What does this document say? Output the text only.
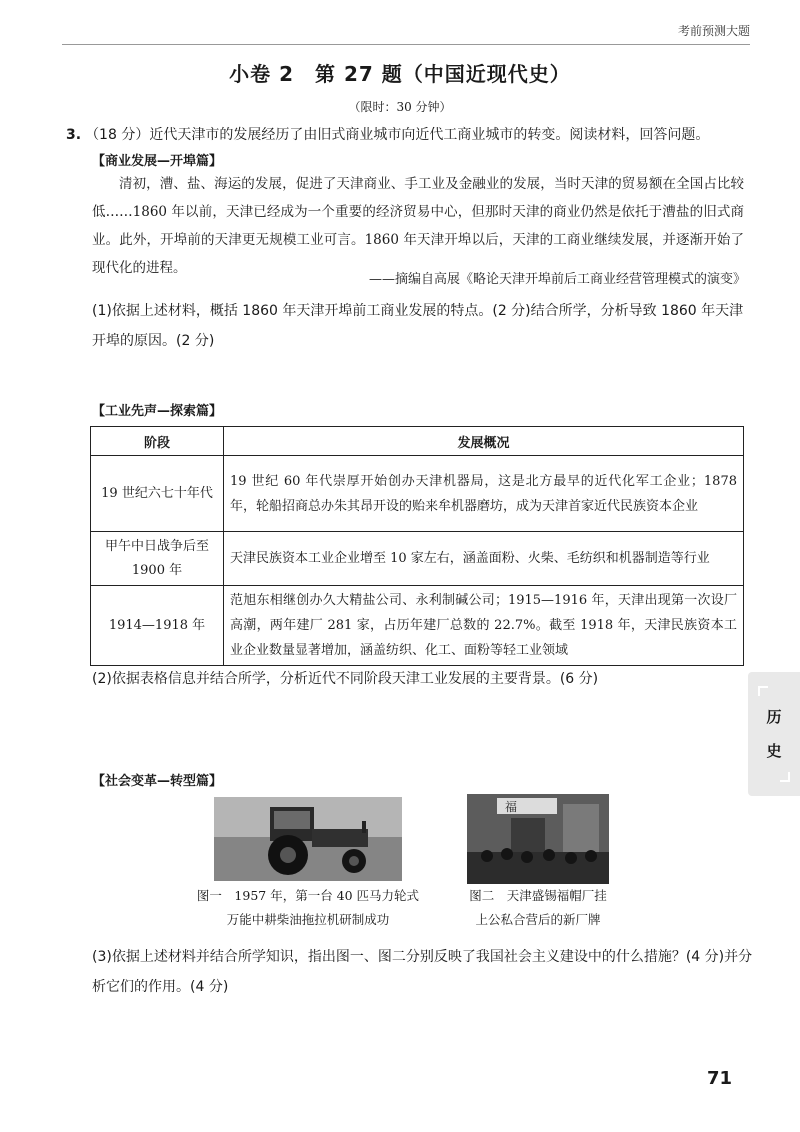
考前预测大题
小卷 2　第 27 题（中国近现代史）
（限时：30 分钟）
3. （18 分）近代天津市的发展经历了由旧式商业城市向近代工商业城市的转变。阅读材料，回答问题。
【商业发展—开埠篇】
清初，漕、盐、海运的发展，促进了天津商业、手工业及金融业的发展，当时天津的贸易额在全国占比较低……1860 年以前，天津已经成为一个重要的经济贸易中心，但那时天津的商业仍然是依托于漕盐的旧式商业。此外，开埠前的天津更无规模工业可言。1860 年天津开埠以后，天津的工商业继续发展，并逐渐开始了现代化的进程。
——摘编自高展《略论天津开埠前后工商业经营管理模式的演变》
(1)依据上述材料，概括 1860 年天津开埠前工商业发展的特点。(2 分)结合所学，分析导致 1860 年天津开埠的原因。(2 分)
【工业先声—探索篇】
阶段	发展概况
19 世纪六七十年代	19 世纪 60 年代崇厚开始创办天津机器局，这是北方最早的近代化军工企业；1878 年，轮船招商总办朱其昂开设的贻来牟机器磨坊，成为天津首家近代民族资本企业
甲午中日战争后至 1900 年	天津民族资本工业企业增至 10 家左右，涵盖面粉、火柴、毛纺织和机器制造等行业
1914—1918 年	范旭东相继创办久大精盐公司、永利制碱公司；1915—1916 年，天津出现第一次设厂高潮，两年建厂 281 家，占历年建厂总数的 22.7%。截至 1918 年，天津民族资本工业企业数量显著增加，涵盖纺织、化工、面粉等轻工业领域
(2)依据表格信息并结合所学，分析近代不同阶段天津工业发展的主要背景。(6 分)
历
史
【社会变革—转型篇】
图一　1957 年，第一台 40 匹马力轮式
万能中耕柴油拖拉机研制成功
福
图二　天津盛锡福帽厂挂
上公私合营后的新厂牌
(3)依据上述材料并结合所学知识，指出图一、图二分别反映了我国社会主义建设中的什么措施？(4 分)并分析它们的作用。(4 分)
71
